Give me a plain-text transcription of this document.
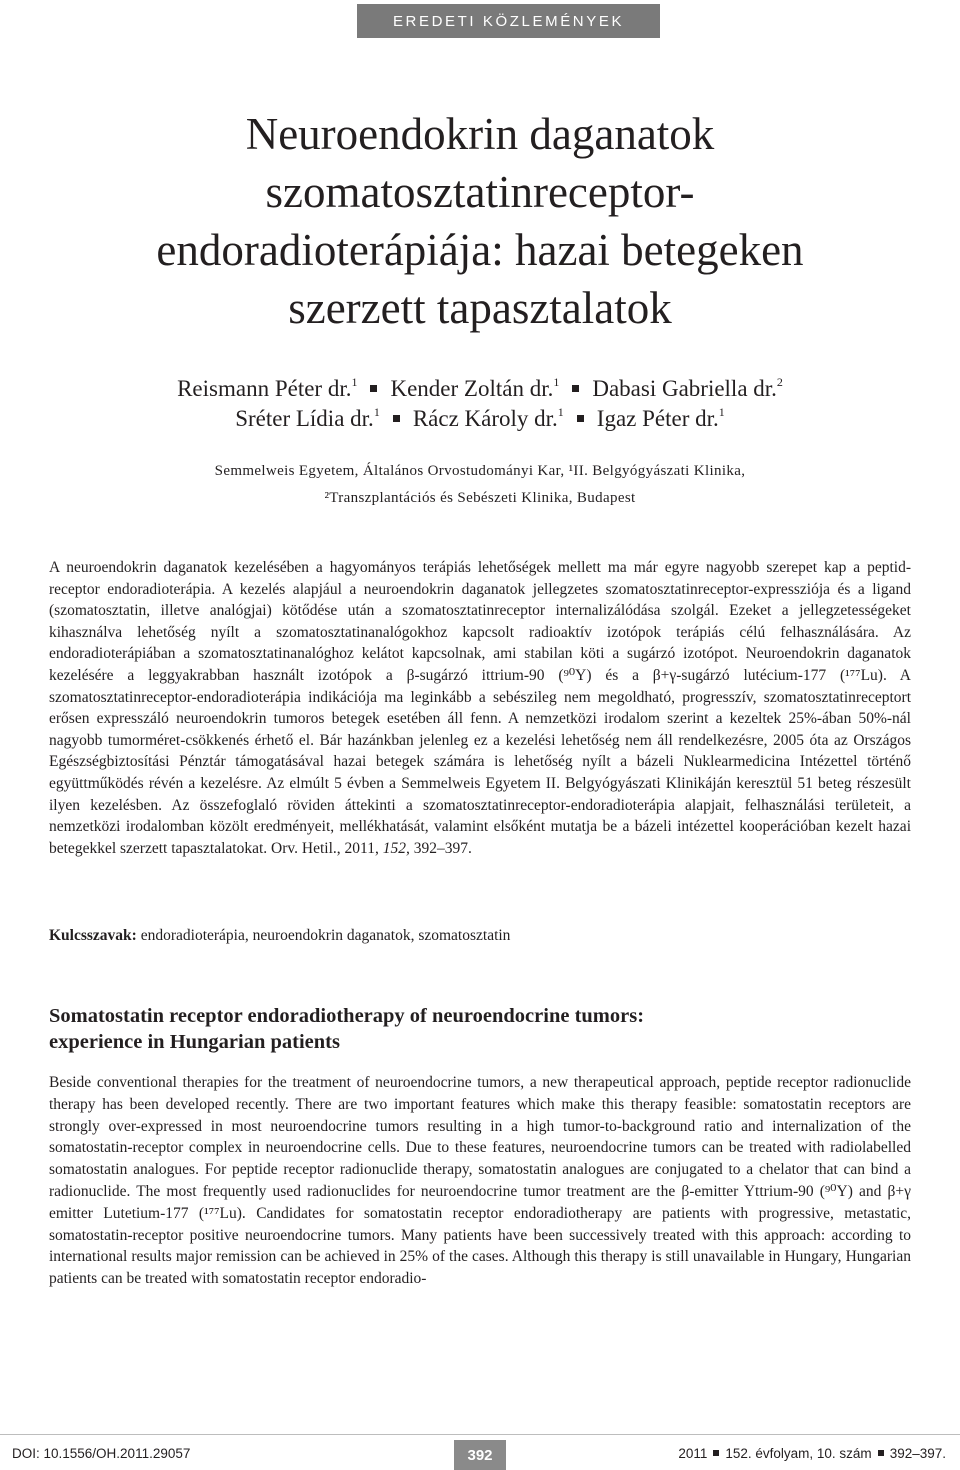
EREDETI KÖZLEMÉNYEK
Neuroendokrin daganatok
szomatosztatinreceptor-
endoradioterápiája: hazai betegeken
szerzett tapasztalatok
Reismann Péter dr.$^1$ Kender Zoltán dr.$^1$ Dabasi Gabriella dr.$^2$
Sréter Lídia dr.$^1$ Rácz Károly dr.$^1$ Igaz Péter dr.$^1$
Semmelweis Egyetem, Általános Orvostudományi Kar, ¹II. Belgyógyászati Klinika,
²Transzplantációs és Sebészeti Klinika, Budapest

A neuroendokrin daganatok kezelésében a hagyományos terápiás lehetőségek mellett ma már egyre nagyobb szerepet kap a peptid-receptor endoradioterápia. A kezelés alapjául a neuroendokrin daganatok jellegzetes szomatosztatinreceptor-expressziója és a ligand (szomatosztatin, illetve analógjai) kötődése után a szomatosztatinreceptor internalizálódása szolgál. Ezeket a jellegzetességeket kihasználva lehetőség nyílt a szomatosztatinanalógokhoz kapcsolt radioaktív izotópok terápiás célú felhasználására. Az endoradioterápiában a szomatosztatinanalóghoz kelátot kapcsolnak, ami stabilan köti a sugárzó izotópot. Neuroendokrin daganatok kezelésére a leggyakrabban használt izotópok a β-sugárzó ittrium-90 (⁹⁰Y) és a β+γ-sugárzó lutécium-177 (¹⁷⁷Lu). A szomatosztatinreceptor-endoradioterápia indikációja ma leginkább a sebészileg nem megoldható, progresszív, szomatosztatinreceptort erősen expresszáló neuroendokrin tumoros betegek esetében áll fenn. A nemzetközi irodalom szerint a kezeltek 25%-ában 50%-nál nagyobb tumorméret-csökkenés érhető el. Bár hazánkban jelenleg ez a kezelési lehetőség nem áll rendelkezésre, 2005 óta az Országos Egészségbiztosítási Pénztár támogatásával hazai betegek számára is lehetőség nyílt a bázeli Nuklearmedicina Intézettel történő együttműködés révén a kezelésre. Az elmúlt 5 évben a Semmelweis Egyetem II. Belgyógyászati Klinikáján keresztül 51 beteg részesült ilyen kezelésben. Az összefoglaló röviden áttekinti a szomatosztatinreceptor-endoradioterápia alapjait, felhasználási területeit, a nemzetközi irodalomban közölt eredményeit, mellékhatását, valamint elsőként mutatja be a bázeli intézettel kooperációban kezelt hazai betegekkel szerzett tapasztalatokat. Orv. Hetil., 2011, 152, 392–397.

Kulcsszavak: endoradioterápia, neuroendokrin daganatok, szomatosztatin
Somatostatin receptor endoradiotherapy of neuroendocrine tumors:
experience in Hungarian patients

Beside conventional therapies for the treatment of neuroendocrine tumors, a new therapeutical approach, peptide receptor radionuclide therapy has been developed recently. There are two important features which make this therapy feasible: somatostatin receptors are strongly over-expressed in most neuroendocrine tumors resulting in a high tumor-to-background ratio and internalization of the somatostatin-receptor complex in neuroendocrine cells. Due to these features, neuroendocrine tumors can be treated with radiolabelled somatostatin analogues. For peptide receptor radionuclide therapy, somatostatin analogues are conjugated to a chelator that can bind a radionuclide. The most frequently used radionuclides for neuroendocrine tumor treatment are the β-emitter Yttrium-90 (⁹⁰Y) and β+γ emitter Lutetium-177 (¹⁷⁷Lu). Candidates for somatostatin receptor endoradiotherapy are patients with progressive, metastatic, somatostatin-receptor positive neuroendocrine tumors. Many patients have been successively treated with this approach: according to international results major remission can be achieved in 25% of the cases. Although this therapy is still unavailable in Hungary, Hungarian patients can be treated with somatostatin receptor endoradio-

DOI: 10.1556/OH.2011.29057	392	2011 152. évfolyam, 10. szám 392–397.
